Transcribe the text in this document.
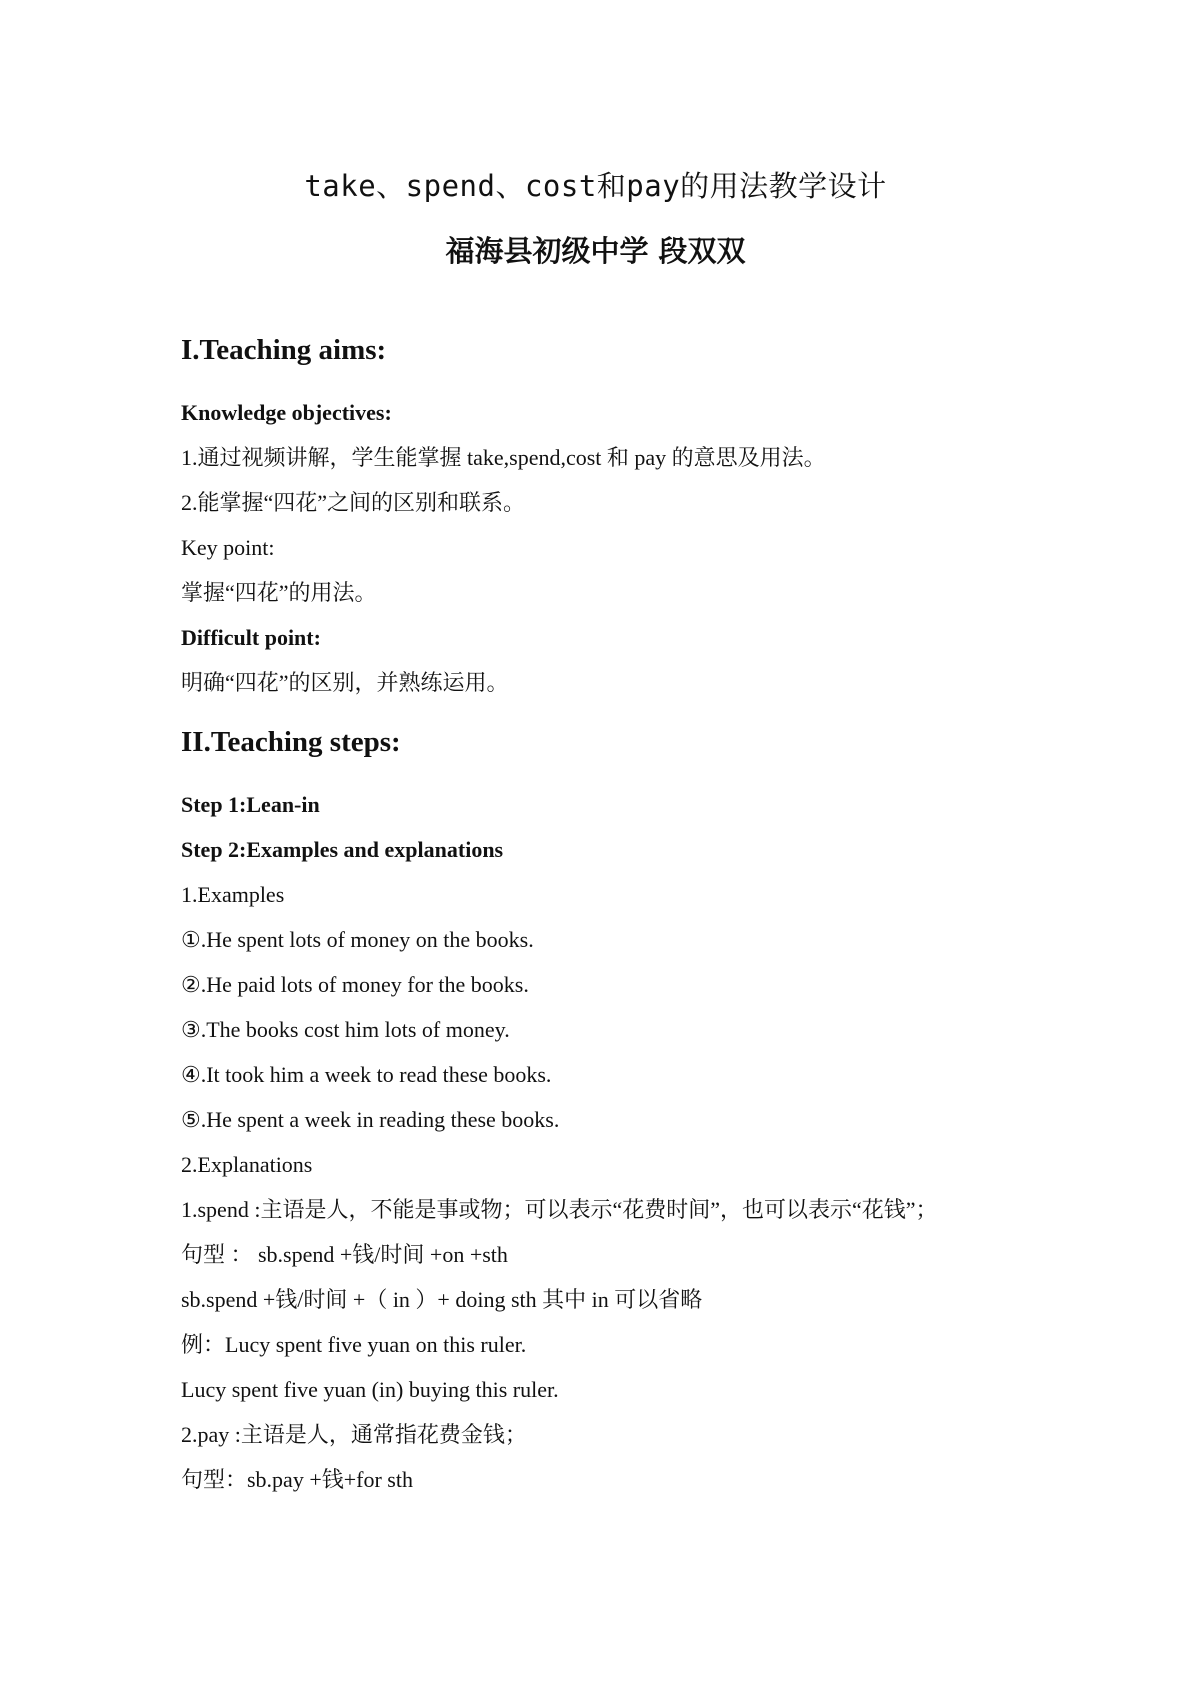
take、spend、cost和pay的用法教学设计
福海县初级中学 段双双
I.Teaching aims:
Knowledge objectives:
1.通过视频讲解，学生能掌握 take,spend,cost 和 pay 的意思及用法。
2.能掌握“四花”之间的区别和联系。
Key point:
掌握“四花”的用法。
Difficult point:
明确“四花”的区别，并熟练运用。
II.Teaching steps:
Step 1:Lean-in
Step 2:Examples and explanations
1.Examples
①.He spent lots of money on the books.
②.He paid lots of money for the books.
③.The books cost him lots of money.
④.It took him a week to read these books.
⑤.He spent a week in reading these books.
2.Explanations
1.spend :主语是人，不能是事或物；可以表示“花费时间”，也可以表示“花钱”；
句型 ： sb.spend +钱/时间 +on +sth
sb.spend +钱/时间 +（ in ）+ doing sth 其中 in 可以省略
例：Lucy spent five yuan on this ruler.
Lucy spent five yuan (in) buying this ruler.
2.pay :主语是人，通常指花费金钱；
句型：sb.pay +钱+for sth
